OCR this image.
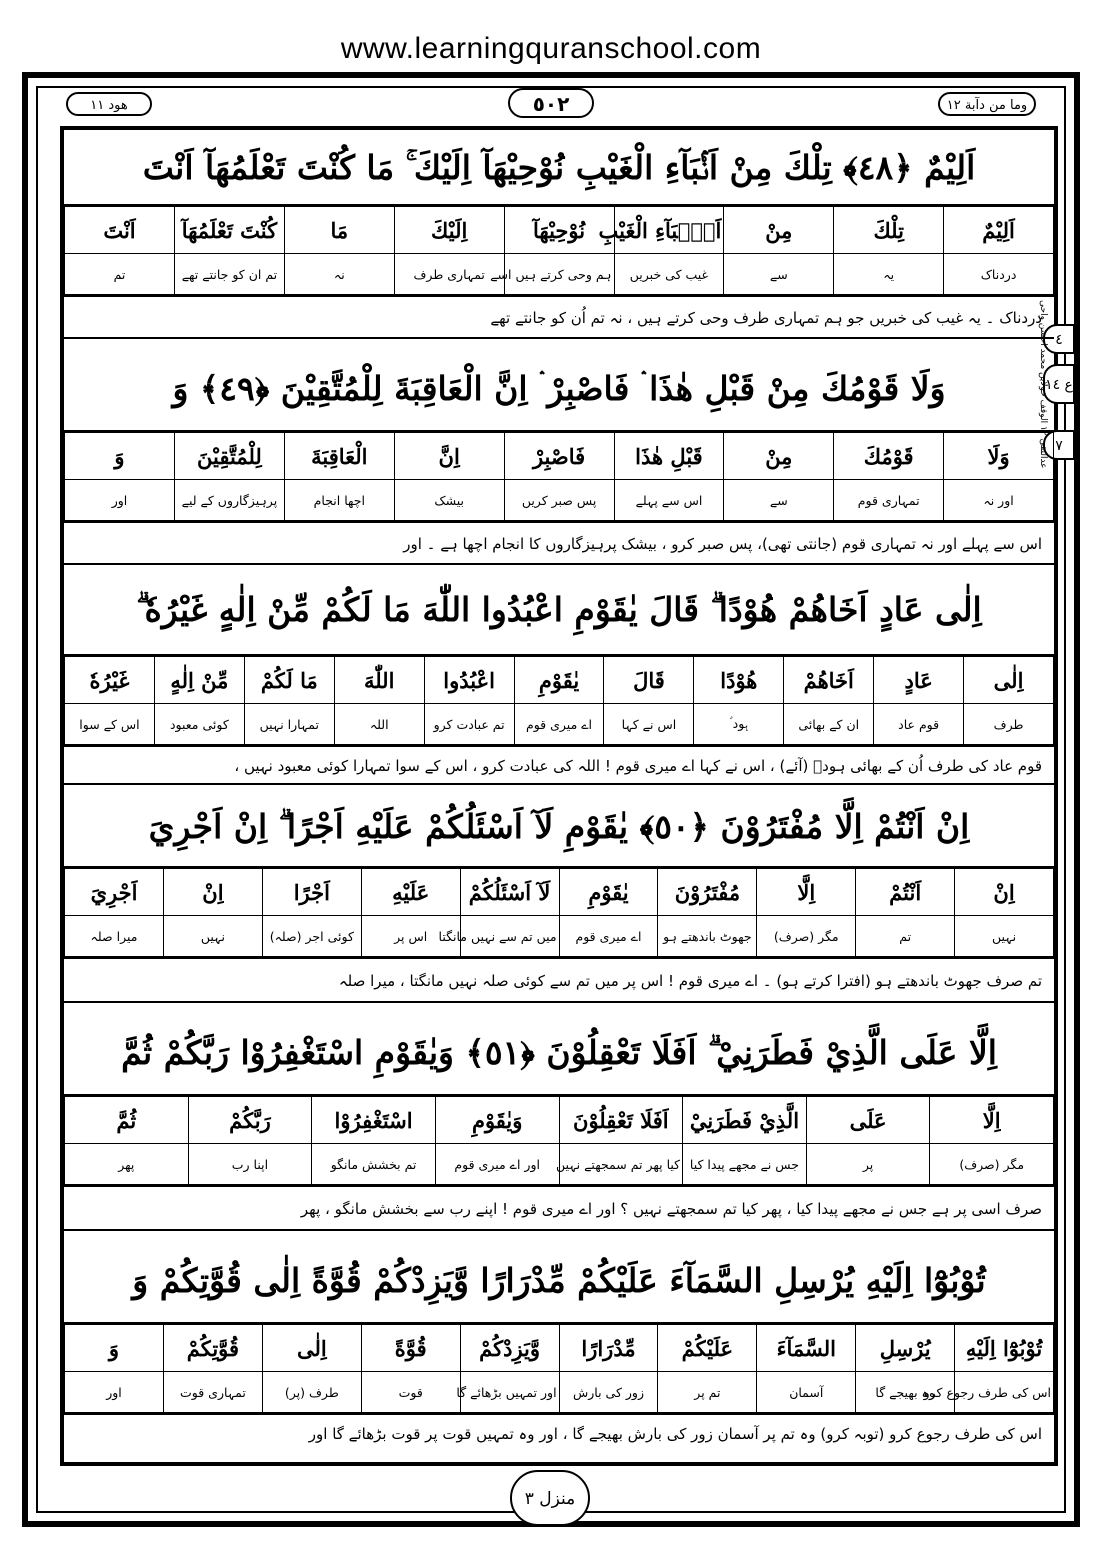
www.learningquranschool.com
هود ١١	٥٠٢	وما من دآبة ١٢
٤
ع ١٤
٧
عدالتقی ١٢ الوقف خولاین محمد احسن واحی
اَلِيْمٌ ﴿٤٨﴾ تِلْكَ مِنْ اَنْۢبَآءِ الْغَيْبِ نُوْحِيْهَآ اِلَيْكَ ۚ مَا كُنْتَ تَعْلَمُهَآ اَنْتَ
اَلِيْمٌ	تِلْكَ	مِنْ	اَنْۢبَآءِ الْغَيْبِ	نُوْحِيْهَآ	اِلَيْكَ	مَا	كُنْتَ تَعْلَمُهَآ	اَنْتَ
دردناک	یہ	سے	غیب کی خبریں	ہم وحی کرتے ہیں اسے	تمہاری طرف	نہ	تم ان کو جانتے تھے	تم
دردناک ۔ یہ غیب کی خبریں جو ہم تمہاری طرف وحی کرتے ہیں ، نہ تم اُن کو جانتے تھے
وَلَا قَوْمُكَ مِنْ قَبْلِ هٰذَا ۛ فَاصْبِرْ ۛ اِنَّ الْعَاقِبَةَ لِلْمُتَّقِيْنَ ﴿٤٩﴾ وَ
وَلَا	قَوْمُكَ	مِنْ	قَبْلِ هٰذَا	فَاصْبِرْ	اِنَّ	الْعَاقِبَةَ	لِلْمُتَّقِيْنَ	وَ
اور نہ	تمہاری قوم	سے	اس سے پہلے	پس صبر کریں	بیشک	اچھا انجام	پرہیزگاروں کے لیے	اور
اس سے پہلے اور نہ تمہاری قوم (جانتی تھی)، پس صبر کرو ، بیشک پرہیزگاروں کا انجام اچھا ہے ۔ اور
اِلٰى عَادٍ اَخَاهُمْ هُوْدًا ۗ قَالَ يٰقَوْمِ اعْبُدُوا اللّٰهَ مَا لَكُمْ مِّنْ اِلٰهٍ غَيْرُهٗ ۗ
اِلٰى	عَادٍ	اَخَاهُمْ	هُوْدًا	قَالَ	يٰقَوْمِ	اعْبُدُوا	اللّٰهَ	مَا لَكُمْ	مِّنْ اِلٰهٍ	غَيْرُهٗ
طرف	قوم عاد	ان کے بھائی	ہود ؑ	اس نے کہا	اے میری قوم	تم عبادت کرو	اللہ	تمہارا نہیں	کوئی معبود	اس کے سوا
قوم عاد کی طرف اُن کے بھائی ہودؑ (آئے) ، اس نے کہا اے میری قوم ! اللہ کی عبادت کرو ، اس کے سوا تمہارا کوئی معبود نہیں ،
اِنْ اَنْتُمْ اِلَّا مُفْتَرُوْنَ ﴿٥٠﴾ يٰقَوْمِ لَآ اَسْئَلُكُمْ عَلَيْهِ اَجْرًا ۗ اِنْ اَجْرِيَ
اِنْ	اَنْتُمْ	اِلَّا	مُفْتَرُوْنَ	يٰقَوْمِ	لَآ اَسْئَلُكُمْ	عَلَيْهِ	اَجْرًا	اِنْ	اَجْرِيَ
نہیں	تم	مگر (صرف)	جھوٹ باندھتے ہو	اے میری قوم	میں تم سے نہیں مانگتا	اس پر	کوئی اجر (صلہ)	نہیں	میرا صلہ
تم صرف جھوٹ باندھتے ہو (افترا کرتے ہو) ۔ اے میری قوم ! اس پر میں تم سے کوئی صلہ نہیں مانگتا ، میرا صلہ
اِلَّا عَلَى الَّذِيْ فَطَرَنِيْ ۗ اَفَلَا تَعْقِلُوْنَ ﴿٥١﴾ وَيٰقَوْمِ اسْتَغْفِرُوْا رَبَّكُمْ ثُمَّ
اِلَّا	عَلَى	الَّذِيْ فَطَرَنِيْ	اَفَلَا تَعْقِلُوْنَ	وَيٰقَوْمِ	اسْتَغْفِرُوْا	رَبَّكُمْ	ثُمَّ
مگر (صرف)	پر	جس نے مجھے پیدا کیا	کیا پھر تم سمجھتے نہیں	اور اے میری قوم	تم بخشش مانگو	اپنا رب	پھر
صرف اسی پر ہے جس نے مجھے پیدا کیا ، پھر کیا تم سمجھتے نہیں ؟ اور اے میری قوم ! اپنے رب سے بخشش مانگو ، پھر
تُوْبُوْٓا اِلَيْهِ يُرْسِلِ السَّمَآءَ عَلَيْكُمْ مِّدْرَارًا وَّيَزِدْكُمْ قُوَّةً اِلٰى قُوَّتِكُمْ وَ
تُوْبُوْٓا اِلَيْهِ	يُرْسِلِ	السَّمَآءَ	عَلَيْكُمْ	مِّدْرَارًا	وَّيَزِدْكُمْ	قُوَّةً	اِلٰى	قُوَّتِكُمْ	وَ
اس کی طرف رجوع کرو	وہ بھیجے گا	آسمان	تم پر	زور کی بارش	اور تمہیں بڑھائے گا	قوت	طرف (پر)	تمہاری قوت	اور
اس کی طرف رجوع کرو (توبہ کرو) وہ تم پر آسمان زور کی بارش بھیجے گا ، اور وہ تمہیں قوت پر قوت بڑھائے گا اور
منزل ٣
